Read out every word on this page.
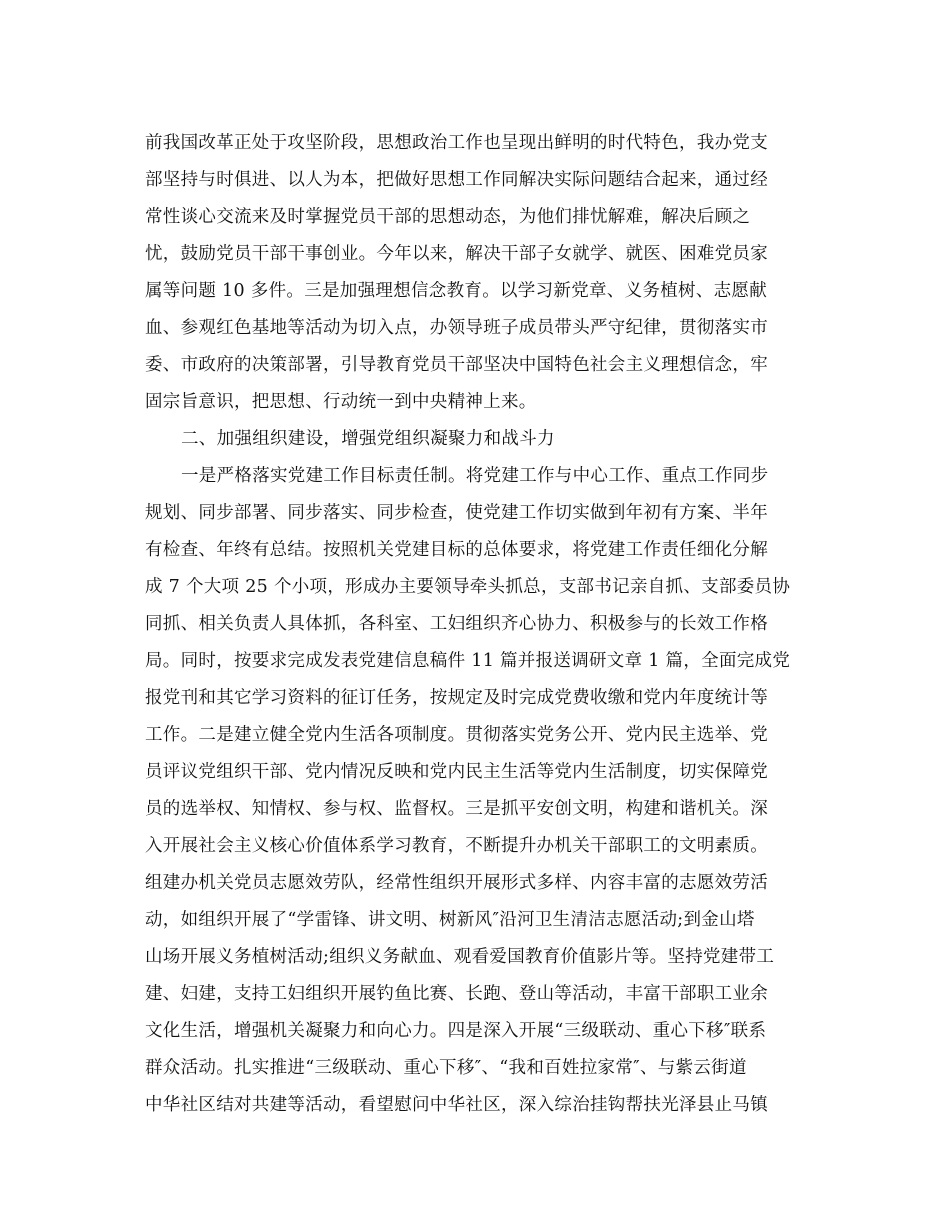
前我国改革正处于攻坚阶段，思想政治工作也呈现出鲜明的时代特色，我办党支
部坚持与时俱进、以人为本，把做好思想工作同解决实际问题结合起来，通过经
常性谈心交流来及时掌握党员干部的思想动态，为他们排忧解难，解决后顾之
忧，鼓励党员干部干事创业。今年以来，解决干部子女就学、就医、困难党员家
属等问题 10 多件。三是加强理想信念教育。以学习新党章、义务植树、志愿献
血、参观红色基地等活动为切入点，办领导班子成员带头严守纪律，贯彻落实市
委、市政府的决策部署，引导教育党员干部坚决中国特色社会主义理想信念，牢
固宗旨意识，把思想、行动统一到中央精神上来。
二、加强组织建设，增强党组织凝聚力和战斗力
一是严格落实党建工作目标责任制。将党建工作与中心工作、重点工作同步
规划、同步部署、同步落实、同步检查，使党建工作切实做到年初有方案、半年
有检查、年终有总结。按照机关党建目标的总体要求，将党建工作责任细化分解
成 7 个大项 25 个小项，形成办主要领导牵头抓总，支部书记亲自抓、支部委员协
同抓、相关负责人具体抓，各科室、工妇组织齐心协力、积极参与的长效工作格
局。同时，按要求完成发表党建信息稿件 11 篇并报送调研文章 1 篇，全面完成党
报党刊和其它学习资料的征订任务，按规定及时完成党费收缴和党内年度统计等
工作。二是建立健全党内生活各项制度。贯彻落实党务公开、党内民主选举、党
员评议党组织干部、党内情况反映和党内民主生活等党内生活制度，切实保障党
员的选举权、知情权、参与权、监督权。三是抓平安创文明，构建和谐机关。深
入开展社会主义核心价值体系学习教育，不断提升办机关干部职工的文明素质。
组建办机关党员志愿效劳队，经常性组织开展形式多样、内容丰富的志愿效劳活
动，如组织开展了“学雷锋、讲文明、树新风″沿河卫生清洁志愿活动;到金山塔
山场开展义务植树活动;组织义务献血、观看爱国教育价值影片等。坚持党建带工
建、妇建，支持工妇组织开展钓鱼比赛、长跑、登山等活动，丰富干部职工业余
文化生活，增强机关凝聚力和向心力。四是深入开展“三级联动、重心下移″联系
群众活动。扎实推进“三级联动、重心下移″、“我和百姓拉家常″、与紫云街道
中华社区结对共建等活动，看望慰问中华社区，深入综治挂钩帮扶光泽县止马镇
